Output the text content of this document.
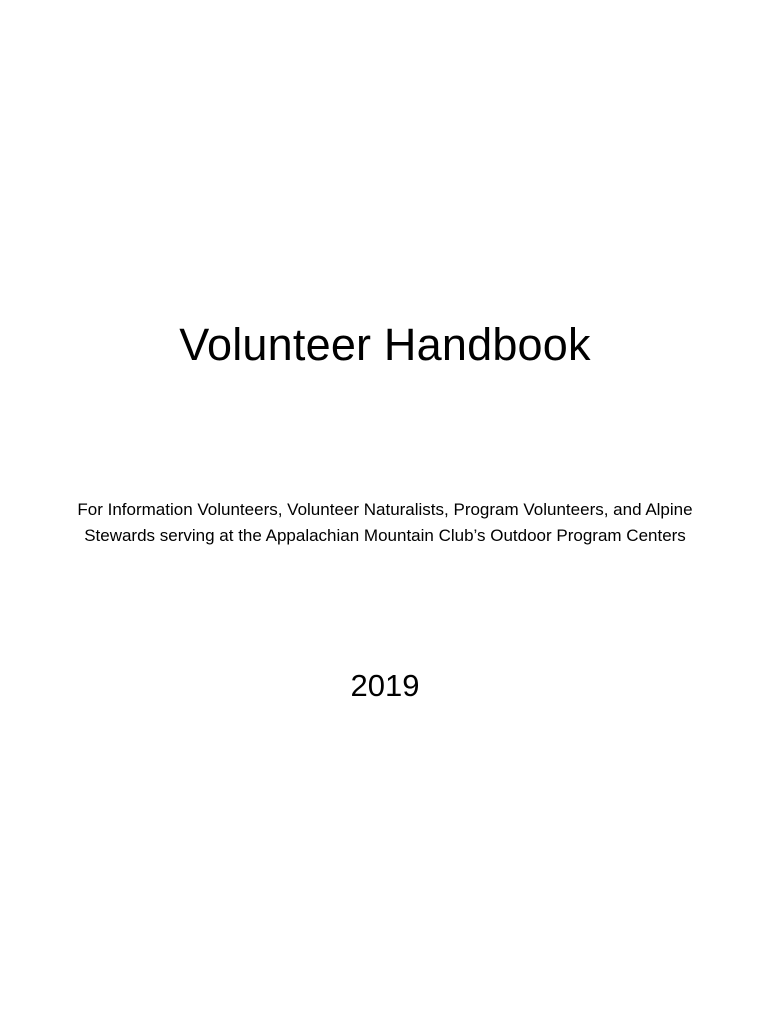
Volunteer Handbook

For Information Volunteers, Volunteer Naturalists, Program Volunteers, and Alpine Stewards serving at the Appalachian Mountain Club’s Outdoor Program Centers

2019
